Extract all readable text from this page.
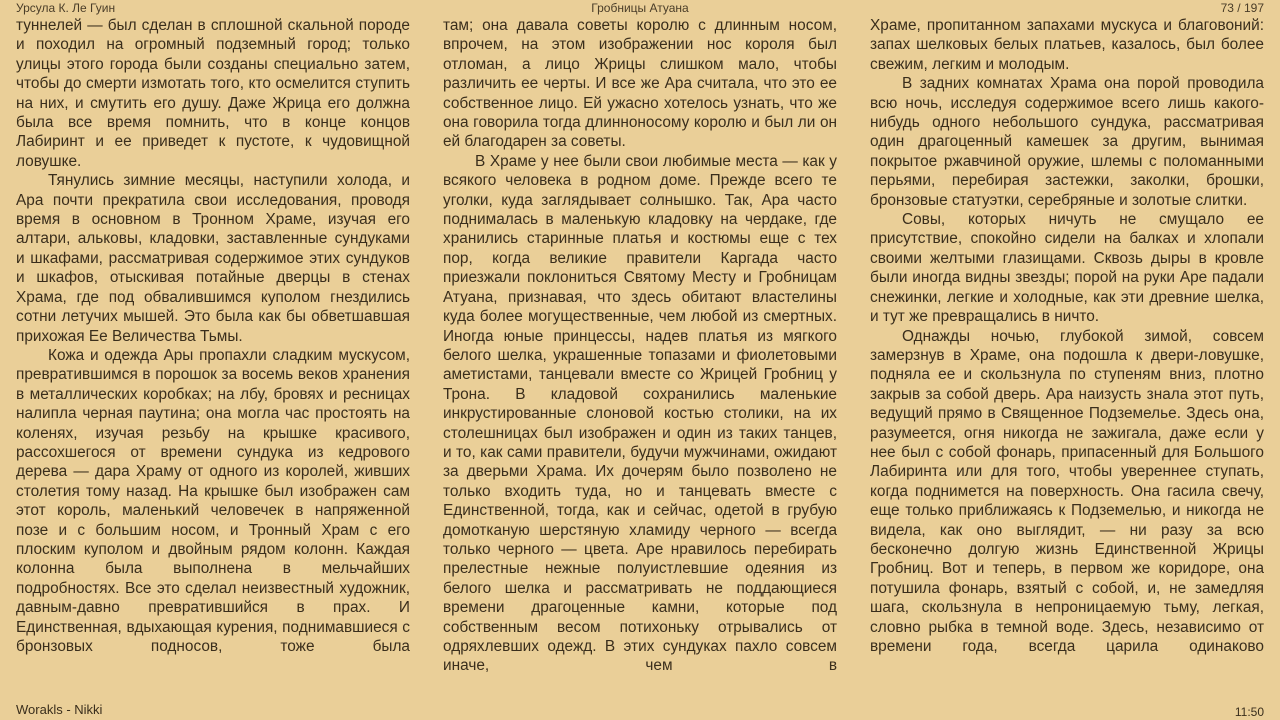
Урсула К. Ле Гуин	Гробницы Атуана	73 / 197

туннелей — был сделан в сплошной скальной породе и походил на огромный подземный город; только улицы этого города были созданы специально затем, чтобы до смерти измотать того, кто осмелится ступить на них, и смутить его душу. Даже Жрица его должна была все время помнить, что в конце концов Лабиринт и ее приведет к пустоте, к чудовищной ловушке.

Тянулись зимние месяцы, наступили холода, и Ара почти прекратила свои исследования, проводя время в основном в Тронном Храме, изучая его алтари, альковы, кладовки, заставленные сундуками и шкафами, рассматривая содержимое этих сундуков и шкафов, отыскивая потайные дверцы в стенах Храма, где под обвалившимся куполом гнездились сотни летучих мышей. Это была как бы обветшавшая прихожая Ее Величества Тьмы.

Кожа и одежда Ары пропахли сладким мускусом, превратившимся в порошок за восемь веков хранения в металлических коробках; на лбу, бровях и ресницах налипла черная паутина; она могла час простоять на коленях, изучая резьбу на крышке красивого, рассохшегося от времени сундука из кедрового дерева — дара Храму от одного из королей, живших столетия тому назад. На крышке был изображен сам этот король, маленький человечек в напряженной позе и с большим носом, и Тронный Храм с его плоским куполом и двойным рядом колонн. Каждая колонна была выполнена в мельчайших подробностях. Все это сделал неизвестный художник, давным-давно превратившийся в прах. И Единственная, вдыхающая курения, поднимавшиеся с бронзовых подносов, тоже была

там; она давала советы королю с длинным носом, впрочем, на этом изображении нос короля был отломан, а лицо Жрицы слишком мало, чтобы различить ее черты. И все же Ара считала, что это ее собственное лицо. Ей ужасно хотелось узнать, что же она говорила тогда длинноносому королю и был ли он ей благодарен за советы.

В Храме у нее были свои любимые места — как у всякого человека в родном доме. Прежде всего те уголки, куда заглядывает солнышко. Так, Ара часто поднималась в маленькую кладовку на чердаке, где хранились старинные платья и костюмы еще с тех пор, когда великие правители Каргада часто приезжали поклониться Святому Месту и Гробницам Атуана, признавая, что здесь обитают властелины куда более могущественные, чем любой из смертных. Иногда юные принцессы, надев платья из мягкого белого шелка, украшенные топазами и фиолетовыми аметистами, танцевали вместе со Жрицей Гробниц у Трона. В кладовой сохранились маленькие инкрустированные слоновой костью столики, на их столешницах был изображен и один из таких танцев, и то, как сами правители, будучи мужчинами, ожидают за дверьми Храма. Их дочерям было позволено не только входить туда, но и танцевать вместе с Единственной, тогда, как и сейчас, одетой в грубую домотканую шерстяную хламиду черного — всегда только черного — цвета. Аре нравилось перебирать прелестные нежные полуистлевшие одеяния из белого шелка и рассматривать не поддающиеся времени драгоценные камни, которые под собственным весом потихоньку отрывались от одряхлевших одежд. В этих сундуках пахло совсем иначе, чем в

Храме, пропитанном запахами мускуса и благовоний: запах шелковых белых платьев, казалось, был более свежим, легким и молодым.

В задних комнатах Храма она порой проводила всю ночь, исследуя содержимое всего лишь какого-нибудь одного небольшого сундука, рассматривая один драгоценный камешек за другим, вынимая покрытое ржавчиной оружие, шлемы с поломанными перьями, перебирая застежки, заколки, брошки, бронзовые статуэтки, серебряные и золотые слитки.

Совы, которых ничуть не смущало ее присутствие, спокойно сидели на балках и хлопали своими желтыми глазищами. Сквозь дыры в кровле были иногда видны звезды; порой на руки Аре падали снежинки, легкие и холодные, как эти древние шелка, и тут же превращались в ничто.

Однажды ночью, глубокой зимой, совсем замерзнув в Храме, она подошла к двери-ловушке, подняла ее и скользнула по ступеням вниз, плотно закрыв за собой дверь. Ара наизусть знала этот путь, ведущий прямо в Священное Подземелье. Здесь она, разумеется, огня никогда не зажигала, даже если у нее был с собой фонарь, припасенный для Большого Лабиринта или для того, чтобы увереннее ступать, когда поднимется на поверхность. Она гасила свечу, еще только приближаясь к Подземелью, и никогда не видела, как оно выглядит, — ни разу за всю бесконечно долгую жизнь Единственной Жрицы Гробниц. Вот и теперь, в первом же коридоре, она потушила фонарь, взятый с собой, и, не замедляя шага, скользнула в непроницаемую тьму, легкая, словно рыбка в темной воде. Здесь, независимо от времени года, всегда царила одинаково

Worakls - Nikki	11:50
